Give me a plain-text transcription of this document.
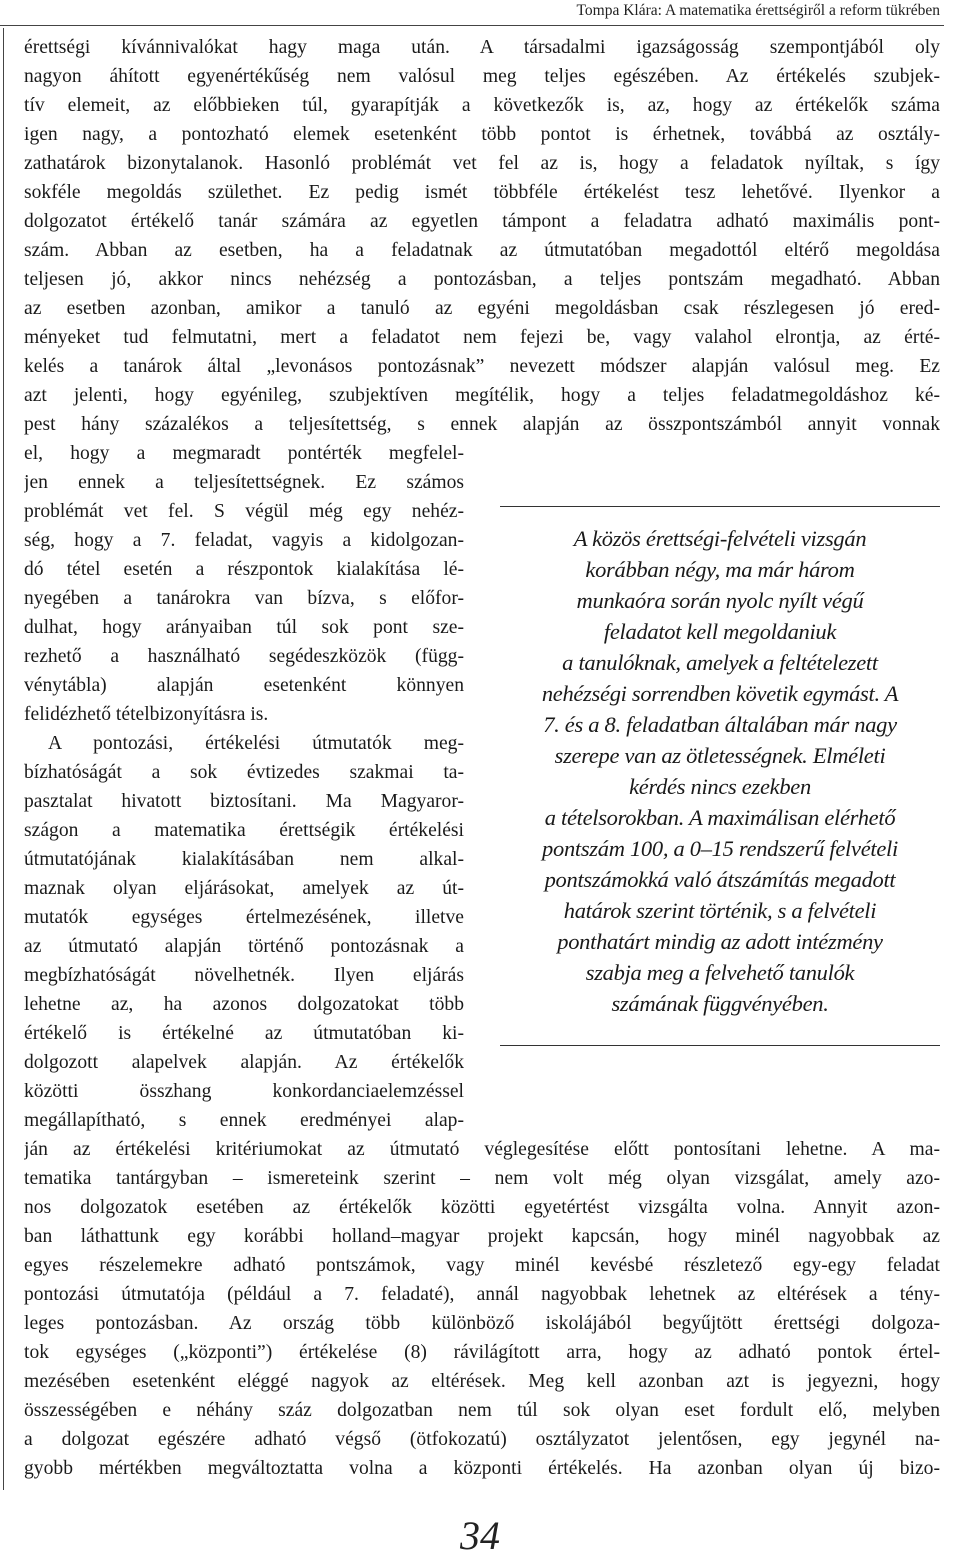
Tompa Klára: A matematika érettségiről a reform tükrében

érettségi kívánnivalókat hagy maga után. A társadalmi igazságosság szempontjából oly
nagyon áhított egyenértékűség nem valósul meg teljes egészében. Az értékelés szubjek-
tív elemeit, az előbbieken túl, gyarapítják a következők is, az, hogy az értékelők száma
igen nagy, a pontozható elemek esetenként több pontot is érhetnek, továbbá az osztály-
zathatárok bizonytalanok. Hasonló problémát vet fel az is, hogy a feladatok nyíltak, s így
sokféle megoldás születhet. Ez pedig ismét többféle értékelést tesz lehetővé. Ilyenkor a
dolgozatot értékelő tanár számára az egyetlen támpont a feladatra adható maximális pont-
szám. Abban az esetben, ha a feladatnak az útmutatóban megadottól eltérő megoldása
teljesen jó, akkor nincs nehézség a pontozásban, a teljes pontszám megadható. Abban
az esetben azonban, amikor a tanuló az egyéni megoldásban csak részlegesen jó ered-
ményeket tud felmutatni, mert a feladatot nem fejezi be, vagy valahol elrontja, az érté-
kelés a tanárok által „levonásos pontozásnak” nevezett módszer alapján valósul meg. Ez
azt jelenti, hogy egyénileg, szubjektíven megítélik, hogy a teljes feladatmegoldáshoz ké-
pest hány százalékos a teljesítettség, s ennek alapján az összpontszámból annyit vonnak
el, hogy a megmaradt pontérték megfelel-
jen ennek a teljesítettségnek. Ez számos
problémát vet fel. S végül még egy nehéz-
ség, hogy a 7. feladat, vagyis a kidolgozan-
dó tétel esetén a részpontok kialakítása lé-
nyegében a tanárokra van bízva, s előfor-
dulhat, hogy arányaiban túl sok pont sze-
rezhető a használható segédeszközök (függ-
vénytábla) alapján esetenként könnyen
felidézhető tételbizonyításra is.

A pontozási, értékelési útmutatók meg-
bízhatóságát a sok évtizedes szakmai ta-
pasztalat hivatott biztosítani. Ma Magyaror-
szágon a matematika érettségik értékelési
útmutatójának kialakításában nem alkal-
maznak olyan eljárásokat, amelyek az út-
mutatók egységes értelmezésének, illetve
az útmutató alapján történő pontozásnak a
megbízhatóságát növelhetnék. Ilyen eljárás
lehetne az, ha azonos dolgozatokat több
értékelő is értékelné az útmutatóban ki-
dolgozott alapelvek alapján. Az értékelők
közötti összhang konkordanciaelemzéssel
megállapítható, s ennek eredményei alap-
ján az értékelési kritériumokat az útmutató véglegesítése előtt pontosítani lehetne. A ma-
tematika tantárgyban – ismereteink szerint – nem volt még olyan vizsgálat, amely azo-
nos dolgozatok esetében az értékelők közötti egyetértést vizsgálta volna. Annyit azon-
ban láthattunk egy korábbi holland–magyar projekt kapcsán, hogy minél nagyobbak az
egyes részelemekre adható pontszámok, vagy minél kevésbé részletező egy-egy feladat
pontozási útmutatója (például a 7. feladaté), annál nagyobbak lehetnek az eltérések a tény-
leges pontozásban. Az ország több különböző iskolájából begyűjtött érettségi dolgoza-
tok egységes („központi”) értékelése (8) rávilágított arra, hogy az adható pontok értel-
mezésében esetenként eléggé nagyok az eltérések. Meg kell azonban azt is jegyezni, hogy
összességében e néhány száz dolgozatban nem túl sok olyan eset fordult elő, melyben
a dolgozat egészére adható végső (ötfokozatú) osztályzatot jelentősen, egy jegynél na-
gyobb mértékben megváltoztatta volna a központi értékelés. Ha azonban olyan új bizo-

A közös érettségi-felvételi vizsgán
korábban négy, ma már három
munkaóra során nyolc nyílt végű
feladatot kell megoldaniuk
a tanulóknak, amelyek a feltételezett
nehézségi sorrendben követik egymást. A
7. és a 8. feladatban általában már nagy
szerepe van az ötletességnek. Elméleti
kérdés nincs ezekben
a tételsorokban. A maximálisan elérhető
pontszám 100, a 0–15 rendszerű felvételi
pontszámokká való átszámítás megadott
határok szerint történik, s a felvételi
ponthatárt mindig az adott intézmény
szabja meg a felvehető tanulók
számának függvényében.
34
